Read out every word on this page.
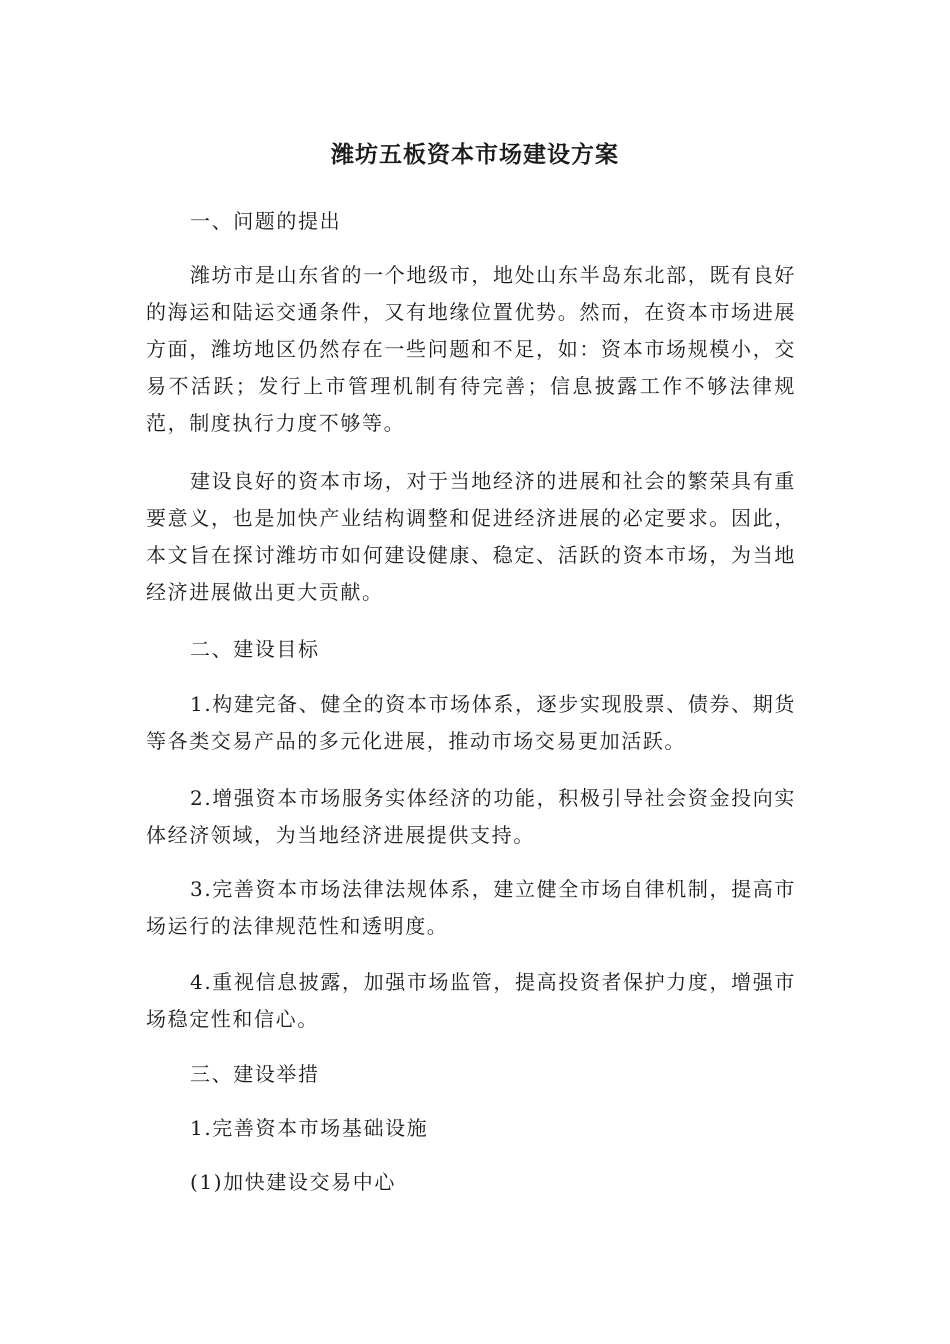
潍坊五板资本市场建设方案

一、问题的提出

潍坊市是山东省的一个地级市，地处山东半岛东北部，既有良好的海运和陆运交通条件，又有地缘位置优势。然而，在资本市场进展方面，潍坊地区仍然存在一些问题和不足，如：资本市场规模小，交易不活跃；发行上市管理机制有待完善；信息披露工作不够法律规范，制度执行力度不够等。

建设良好的资本市场，对于当地经济的进展和社会的繁荣具有重要意义，也是加快产业结构调整和促进经济进展的必定要求。因此，本文旨在探讨潍坊市如何建设健康、稳定、活跃的资本市场，为当地经济进展做出更大贡献。

二、建设目标

1.构建完备、健全的资本市场体系，逐步实现股票、债券、期货等各类交易产品的多元化进展，推动市场交易更加活跃。

2.增强资本市场服务实体经济的功能，积极引导社会资金投向实体经济领域，为当地经济进展提供支持。

3.完善资本市场法律法规体系，建立健全市场自律机制，提高市场运行的法律规范性和透明度。

4.重视信息披露，加强市场监管，提高投资者保护力度，增强市场稳定性和信心。

三、建设举措

1.完善资本市场基础设施

(1)加快建设交易中心
